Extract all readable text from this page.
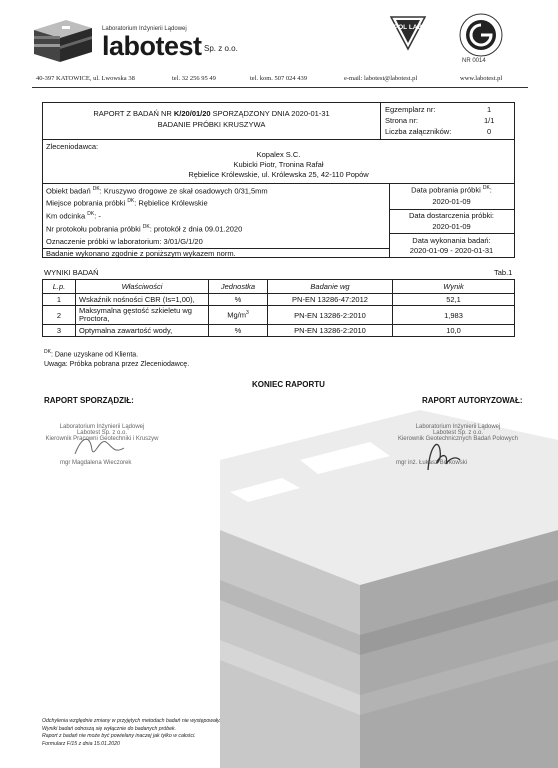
Laboratorium Inżynierii Lądowej
labotest Sp. z o.o.
POL LAB
NR 0014
40-397 KATOWICE, ul. Lwowska 38	tel. 32 256 95 49	tel. kom. 507 024 439	e-mail: labotest@labotest.pl	www.labotest.pl
RAPORT Z BADAŃ NR K/20/01/20 SPORZĄDZONY DNIA 2020-01-31
BADANIE PRÓBKI KRUSZYWA
Egzemplarz nr:	1
Strona nr:	1/1
Liczba załączników:	0
Zleceniodawca:
Kopalex S.C.
Kubicki Piotr, Tronina Rafał
Rębielice Królewskie, ul. Królewska 25, 42-110 Popów
Obiekt badań $^{DK}$: Kruszywo drogowe ze skał osadowych 0/31,5mm
Miejsce pobrania próbki $^{DK}$: Rębielice Królewskie
Km odcinka $^{DK}$: -
Nr protokołu pobrania próbki $^{DK}$: protokół z dnia 09.01.2020
Oznaczenie próbki w laboratorium: 3/01/G/1/20
Badanie wykonano zgodnie z poniższym wykazem norm.
Data pobrania próbki $^{DK}$:
2020-01-09
Data dostarczenia próbki:
2020-01-09
Data wykonania badań:
2020-01-09 - 2020-01-31
WYNIKI BADAŃ	Tab.1
L.p.	Właściwości	Jednostka	Badanie wg	Wynik
1	Wskaźnik nośności CBR (Is=1,00),	%	PN-EN 13286-47:2012	52,1
2	Maksymalna gęstość szkieletu wg Proctora,	$Mg/m^3$	PN-EN 13286-2:2010	1,983
3	Optymalna zawartość wody,	%	PN-EN 13286-2:2010	10,0
$^{DK}$: Dane uzyskane od Klienta.
Uwaga: Próbka pobrana przez Zleceniodawcę.
KONIEC RAPORTU
RAPORT SPORZĄDZIŁ:	RAPORT AUTORYZOWAŁ:
Laboratorium Inżynierii Lądowej
Labotest Sp. z o.o.
Kierownik Pracowni Geotechniki i Kruszyw
mgr Magdalena Wieczorek
Laboratorium Inżynierii Lądowej
Labotest Sp. z o.o.
Kierownik Geotechnicznych Badań Polowych
mgr inż. Łukasz Borkowski
Odchylenia względnie zmiany w przyjętych metodach badań nie występowały.
Wyniki badań odnoszą się wyłącznie do badanych próbek.
Raport z badań nie może być powielany inaczej jak tylko w całości.
Formularz F/15 z dnia 15.01.2020
